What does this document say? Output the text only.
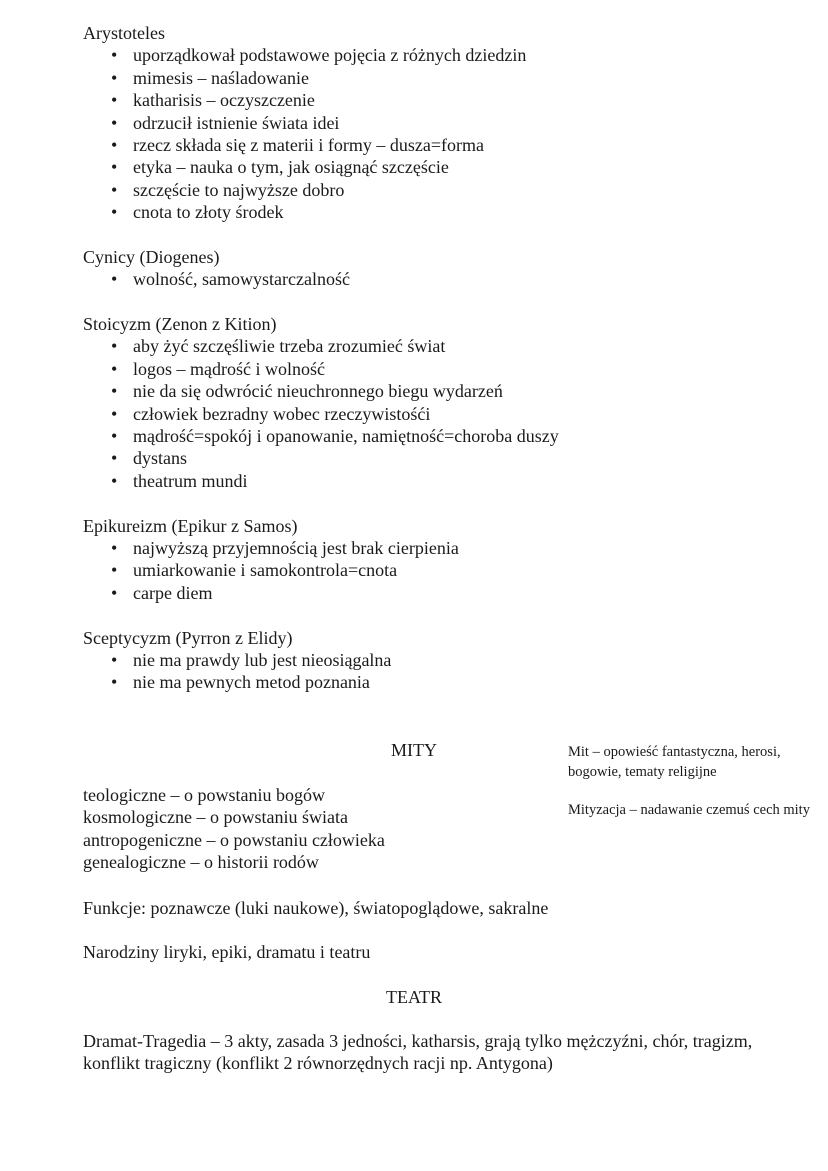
Arystoteles
• uporządkował podstawowe pojęcia z różnych dziedzin
• mimesis – naśladowanie
• katharisis – oczyszczenie
• odrzucił istnienie świata idei
• rzecz składa się z materii i formy – dusza=forma
• etyka – nauka o tym, jak osiągnąć szczęście
• szczęście to najwyższe dobro
• cnota to złoty środek
Cynicy (Diogenes)
• wolność, samowystarczalność
Stoicyzm (Zenon z Kition)
• aby żyć szczęśliwie trzeba zrozumieć świat
• logos – mądrość i wolność
• nie da się odwrócić nieuchronnego biegu wydarzeń
• człowiek bezradny wobec rzeczywistośći
• mądrość=spokój i opanowanie, namiętność=choroba duszy
• dystans
• theatrum mundi
Epikureizm (Epikur z Samos)
• najwyższą przyjemnością jest brak cierpienia
• umiarkowanie i samokontrola=cnota
• carpe diem
Sceptycyzm (Pyrron z Elidy)
• nie ma prawdy lub jest nieosiągalna
• nie ma pewnych metod poznania
MITY	Mit – opowieść fantastyczna, herosi, bogowie, tematy religijne
Mityzacja – nadawanie czemuś cech mity
teologiczne – o powstaniu bogów
kosmologiczne – o powstaniu świata
antropogeniczne – o powstaniu człowieka
genealogiczne – o historii rodów
Funkcje: poznawcze (luki naukowe), światopoglądowe, sakralne
Narodziny liryki, epiki, dramatu i teatru
TEATR
Dramat-Tragedia – 3 akty, zasada 3 jedności, katharsis, grają tylko mężczyźni, chór, tragizm, konflikt tragiczny (konflikt 2 równorzędnych racji np. Antygona)
